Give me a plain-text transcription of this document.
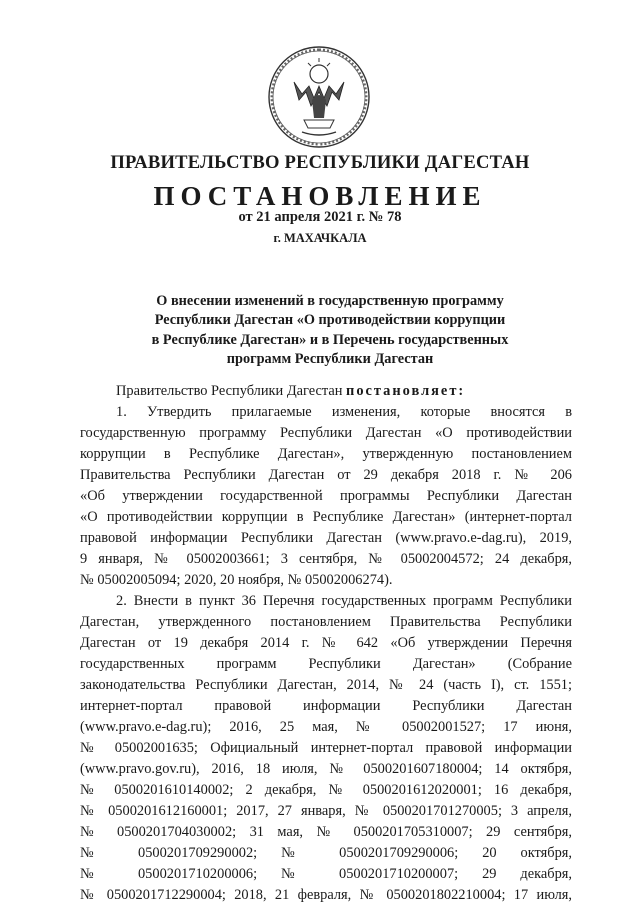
ПРАВИТЕЛЬСТВО РЕСПУБЛИКИ ДАГЕСТАН
ПОСТАНОВЛЕНИЕ
от 21 апреля 2021 г. № 78
г. МАХАЧКАЛА
О внесении изменений в государственную программу
Республики Дагестан «О противодействии коррупции
в Республике Дагестан» и в Перечень государственных
программ Республики Дагестан
Правительство Республики Дагестан постановляет:
1. Утвердить прилагаемые изменения, которые вносятся в
государственную программу Республики Дагестан «О противодействии
коррупции в Республике Дагестан», утвержденную постановлением
Правительства Республики Дагестан от 29 декабря 2018 г. № 206
«Об утверждении государственной программы Республики Дагестан
«О противодействии коррупции в Республике Дагестан» (интернет-портал
правовой информации Республики Дагестан (www.pravo.e-dag.ru), 2019,
9 января, № 05002003661; 3 сентября, № 05002004572; 24 декабря,
№ 05002005094; 2020, 20 ноября, № 05002006274).
2. Внести в пункт 36 Перечня государственных программ Республики
Дагестан, утвержденного постановлением Правительства Республики
Дагестан от 19 декабря 2014 г. № 642 «Об утверждении Перечня
государственных программ Республики Дагестан» (Собрание
законодательства Республики Дагестан, 2014, № 24 (часть I), ст. 1551;
интернет-портал правовой информации Республики Дагестан
(www.pravo.e-dag.ru); 2016, 25 мая, № 05002001527; 17 июня,
№ 05002001635; Официальный интернет-портал правовой информации
(www.pravo.gov.ru), 2016, 18 июля, № 0500201607180004; 14 октября,
№ 0500201610140002; 2 декабря, № 0500201612020001; 16 декабря,
№ 0500201612160001; 2017, 27 января, № 0500201701270005; 3 апреля,
№ 0500201704030002; 31 мая, № 0500201705310007; 29 сентября,
№ 0500201709290002; № 0500201709290006; 20 октября,
№ 0500201710200006; № 0500201710200007; 29 декабря,
№ 0500201712290004; 2018, 21 февраля, № 0500201802210004; 17 июля,
